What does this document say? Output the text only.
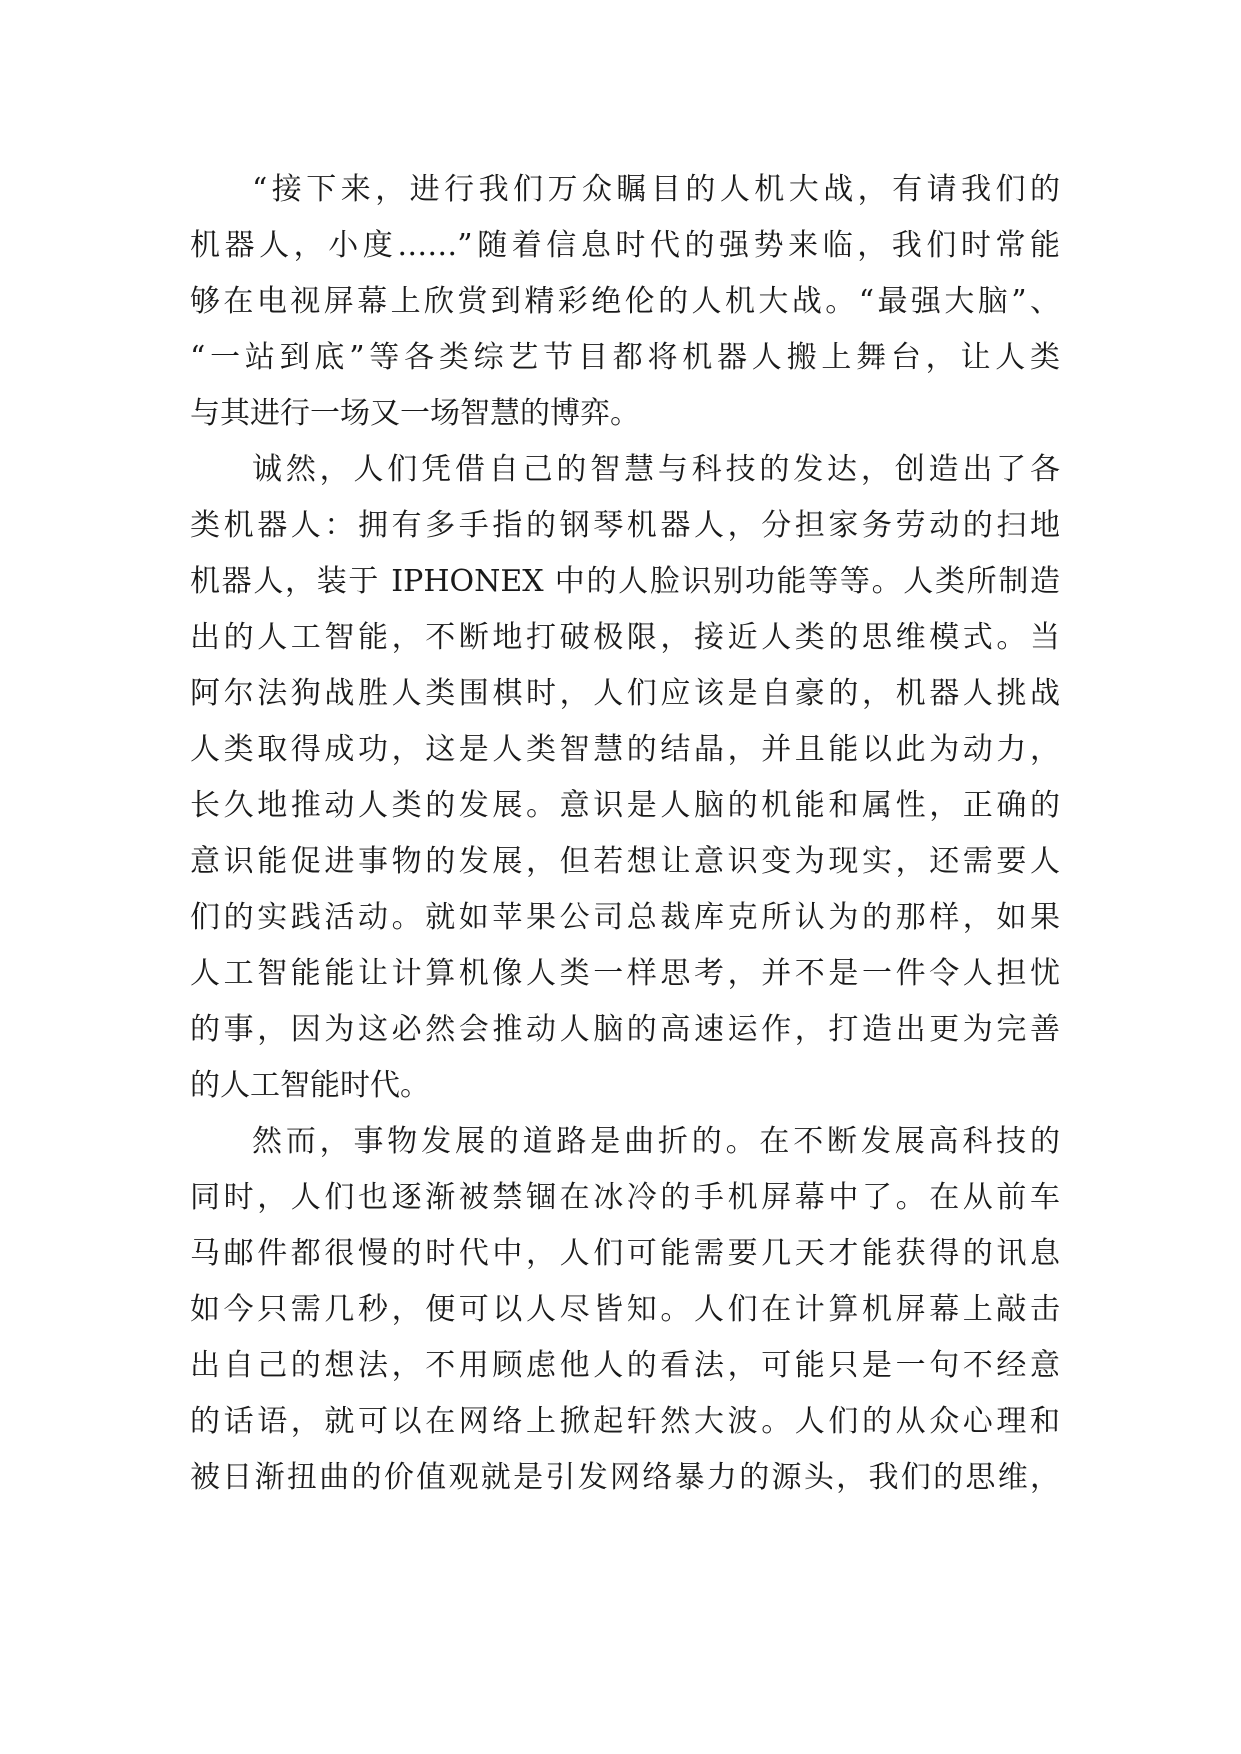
“接下来，进行我们万众瞩目的人机大战，有请我们的
机器人，小度……”随着信息时代的强势来临，我们时常能
够在电视屏幕上欣赏到精彩绝伦的人机大战。“最强大脑”、
“一站到底”等各类综艺节目都将机器人搬上舞台，让人类
与其进行一场又一场智慧的博弈。

诚然，人们凭借自己的智慧与科技的发达，创造出了各
类机器人：拥有多手指的钢琴机器人，分担家务劳动的扫地
机器人，装于 IPHONEX 中的人脸识别功能等等。人类所制造
出的人工智能，不断地打破极限，接近人类的思维模式。当
阿尔法狗战胜人类围棋时，人们应该是自豪的，机器人挑战
人类取得成功，这是人类智慧的结晶，并且能以此为动力，
长久地推动人类的发展。意识是人脑的机能和属性，正确的
意识能促进事物的发展，但若想让意识变为现实，还需要人
们的实践活动。就如苹果公司总裁库克所认为的那样，如果
人工智能能让计算机像人类一样思考，并不是一件令人担忧
的事，因为这必然会推动人脑的高速运作，打造出更为完善
的人工智能时代。

然而，事物发展的道路是曲折的。在不断发展高科技的
同时，人们也逐渐被禁锢在冰冷的手机屏幕中了。在从前车
马邮件都很慢的时代中，人们可能需要几天才能获得的讯息
如今只需几秒，便可以人尽皆知。人们在计算机屏幕上敲击
出自己的想法，不用顾虑他人的看法，可能只是一句不经意
的话语，就可以在网络上掀起轩然大波。人们的从众心理和
被日渐扭曲的价值观就是引发网络暴力的源头，我们的思维，
